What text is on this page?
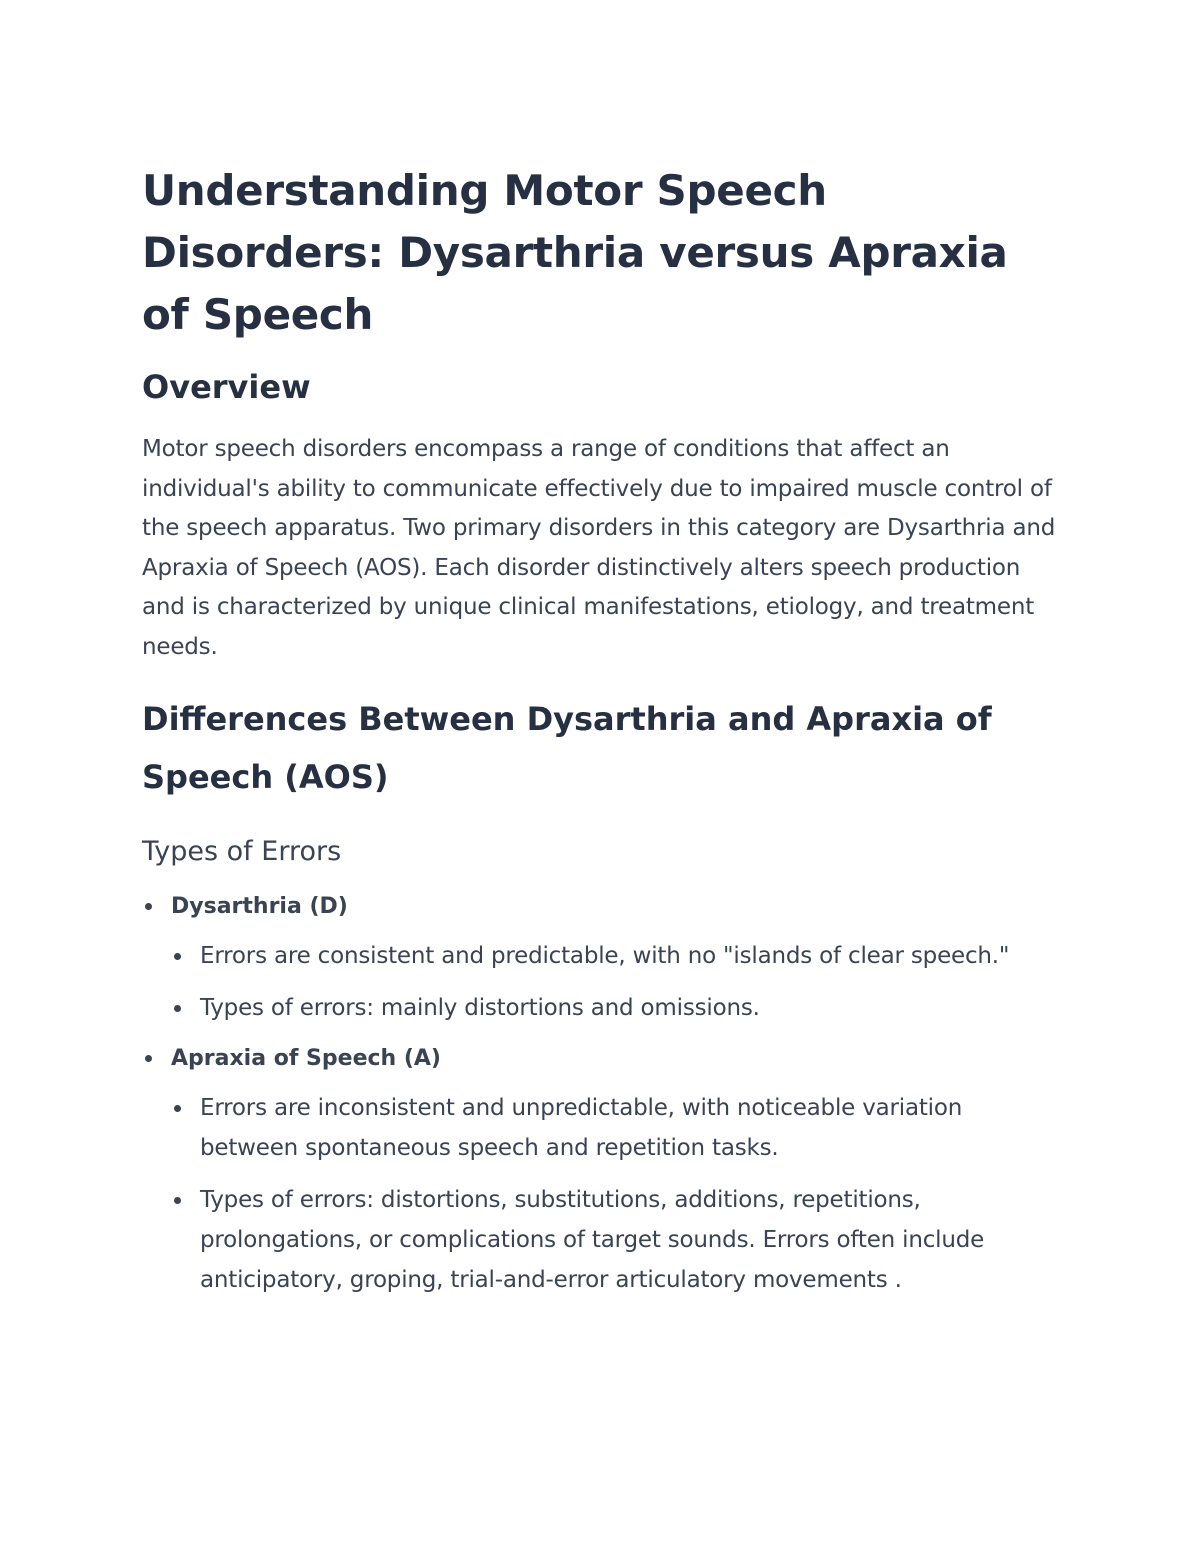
Understanding Motor Speech Disorders: Dysarthria versus Apraxia of Speech
Overview

Motor speech disorders encompass a range of conditions that affect an individual's ability to communicate effectively due to impaired muscle control of the speech apparatus. Two primary disorders in this category are Dysarthria and Apraxia of Speech (AOS). Each disorder distinctively alters speech production and is characterized by unique clinical manifestations, etiology, and treatment needs.

Differences Between Dysarthria and Apraxia of Speech (AOS)
Types of Errors
Dysarthria (D)
Errors are consistent and predictable, with no "islands of clear speech."
Types of errors: mainly distortions and omissions.
Apraxia of Speech (A)
Errors are inconsistent and unpredictable, with noticeable variation between spontaneous speech and repetition tasks.
Types of errors: distortions, substitutions, additions, repetitions, prolongations, or complications of target sounds. Errors often include anticipatory, groping, trial-and-error articulatory movements .
